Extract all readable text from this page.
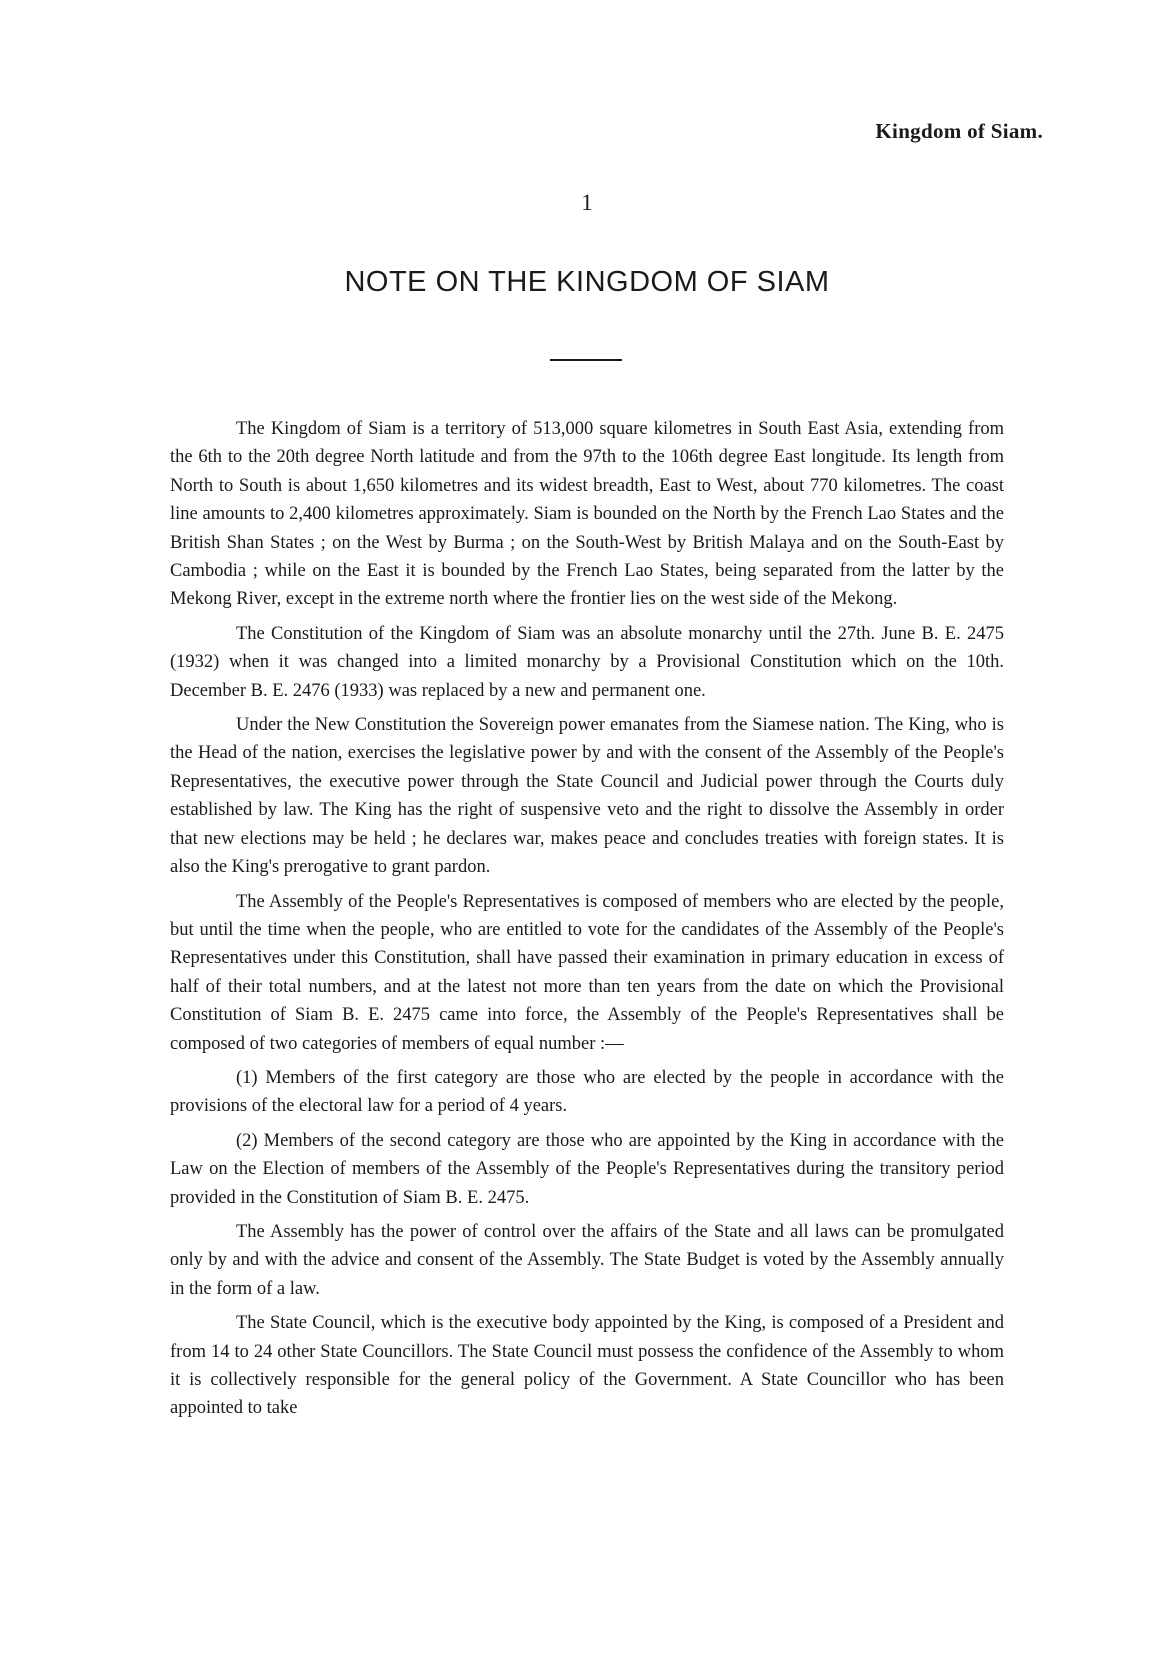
Kingdom of Siam.
1
NOTE ON THE KINGDOM OF SIAM

The Kingdom of Siam is a territory of 513,000 square kilometres in South East Asia, extending from the 6th to the 20th degree North latitude and from the 97th to the 106th degree East longitude. Its length from North to South is about 1,650 kilometres and its widest breadth, East to West, about 770 kilometres. The coast line amounts to 2,400 kilometres approximately. Siam is bounded on the North by the French Lao States and the British Shan States ; on the West by Burma ; on the South-West by British Malaya and on the South-East by Cambodia ; while on the East it is bounded by the French Lao States, being separated from the latter by the Mekong River, except in the extreme north where the frontier lies on the west side of the Mekong.

The Constitution of the Kingdom of Siam was an absolute monarchy until the 27th. June B. E. 2475 (1932) when it was changed into a limited monarchy by a Provisional Constitution which on the 10th. December B. E. 2476 (1933) was replaced by a new and permanent one.

Under the New Constitution the Sovereign power emanates from the Siamese nation. The King, who is the Head of the nation, exercises the legislative power by and with the consent of the Assembly of the People's Representatives, the executive power through the State Council and Judicial power through the Courts duly established by law. The King has the right of suspensive veto and the right to dissolve the Assembly in order that new elections may be held ; he declares war, makes peace and concludes treaties with foreign states. It is also the King's prerogative to grant pardon.

The Assembly of the People's Representatives is composed of members who are elected by the people, but until the time when the people, who are entitled to vote for the candidates of the Assembly of the People's Representatives under this Constitution, shall have passed their examination in primary education in excess of half of their total numbers, and at the latest not more than ten years from the date on which the Provisional Constitution of Siam B. E. 2475 came into force, the Assembly of the People's Representatives shall be composed of two categories of members of equal number :—

(1) Members of the first category are those who are elected by the people in accordance with the provisions of the electoral law for a period of 4 years.

(2) Members of the second category are those who are appointed by the King in accordance with the Law on the Election of members of the Assembly of the People's Representatives during the transitory period provided in the Constitution of Siam B. E. 2475.

The Assembly has the power of control over the affairs of the State and all laws can be promulgated only by and with the advice and consent of the Assembly. The State Budget is voted by the Assembly annually in the form of a law.

The State Council, which is the executive body appointed by the King, is composed of a President and from 14 to 24 other State Councillors. The State Council must possess the confidence of the Assembly to whom it is collectively responsible for the general policy of the Government. A State Councillor who has been appointed to take
